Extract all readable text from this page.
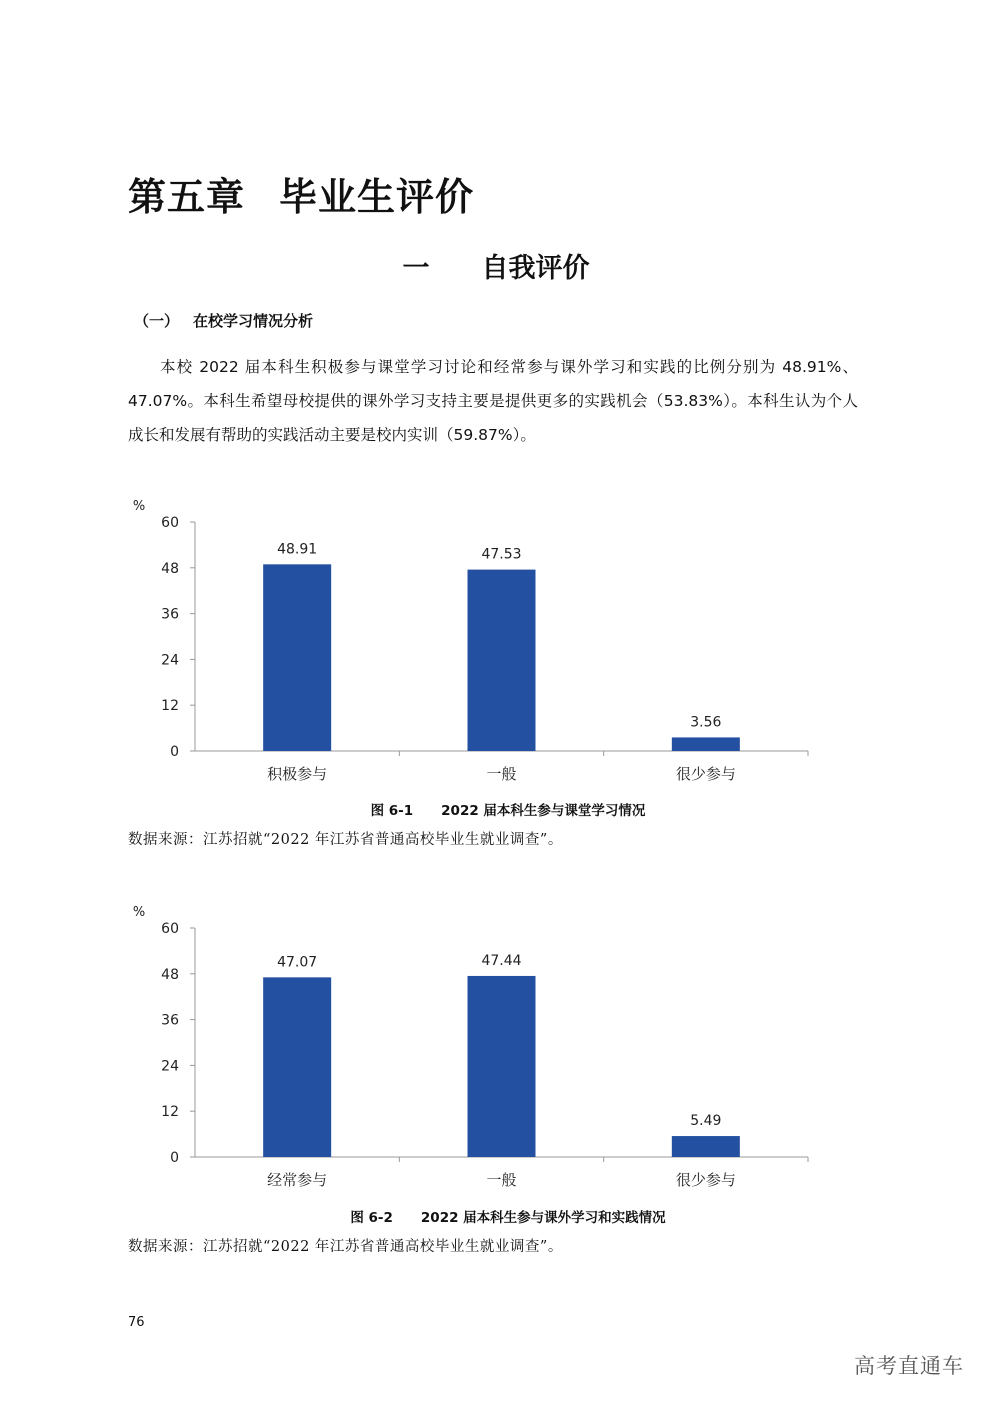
第五章 毕业生评价
一 自我评价
（一） 在校学习情况分析
本校 2022 届本科生积极参与课堂学习讨论和经常参与课外学习和实践的比例分别为 48.91%、47.07%。本科生希望母校提供的课外学习支持主要是提供更多的实践机会（53.83%）。本科生认为个人成长和发展有帮助的实践活动主要是校内实训（59.87%）。
%
0
12
24
36
48
60
48.91
积极参与
47.53
一般
3.56
很少参与
图 6-1 2022 届本科生参与课堂学习情况
数据来源：江苏招就“2022 年江苏省普通高校毕业生就业调查”。
%
0
12
24
36
48
60
47.07
经常参与
47.44
一般
5.49
很少参与
图 6-2 2022 届本科生参与课外学习和实践情况
数据来源：江苏招就“2022 年江苏省普通高校毕业生就业调查”。
76
高考直通车
